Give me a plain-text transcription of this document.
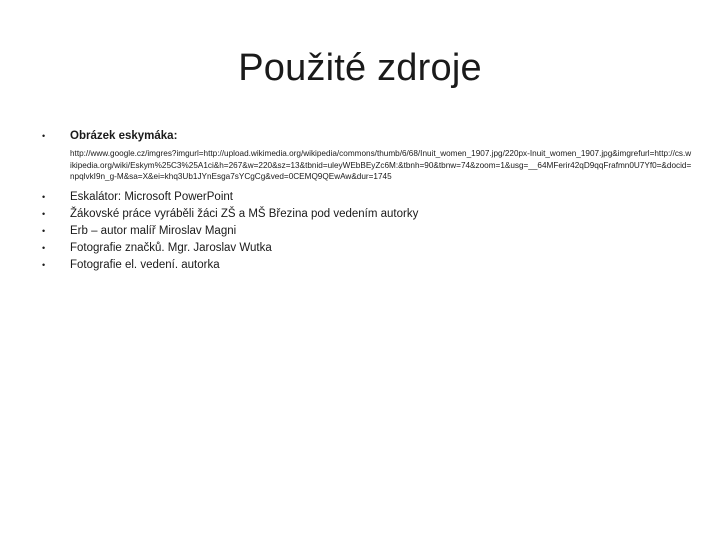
Použité zdroje
• Obrázek eskymáka:
http://www.google.cz/imgres?imgurl=http://upload.wikimedia.org/wikipedia/commons/thumb/6/68/Inuit_women_1907.jpg/220px-Inuit_women_1907.jpg&imgrefurl=http://cs.wikipedia.org/wiki/Eskym%25C3%25A1ci&h=267&w=220&sz=13&tbnid=uleyWEbBEyZc6M:&tbnh=90&tbnw=74&zoom=1&usg=__64MFerir42qD9qqFrafmn0U7Yf0=&docid=npqlvkI9n_g-M&sa=X&ei=khq3Ub1JYnEsga7sYCgCg&ved=0CEMQ9QEwAw&dur=1745
• Eskalátor: Microsoft PowerPoint
• Žákovské práce vyráběli žáci ZŠ a MŠ Březina pod vedením autorky
• Erb – autor malíř Miroslav Magni
• Fotografie značků. Mgr. Jaroslav Wutka
• Fotografie el. vedení. autorka
